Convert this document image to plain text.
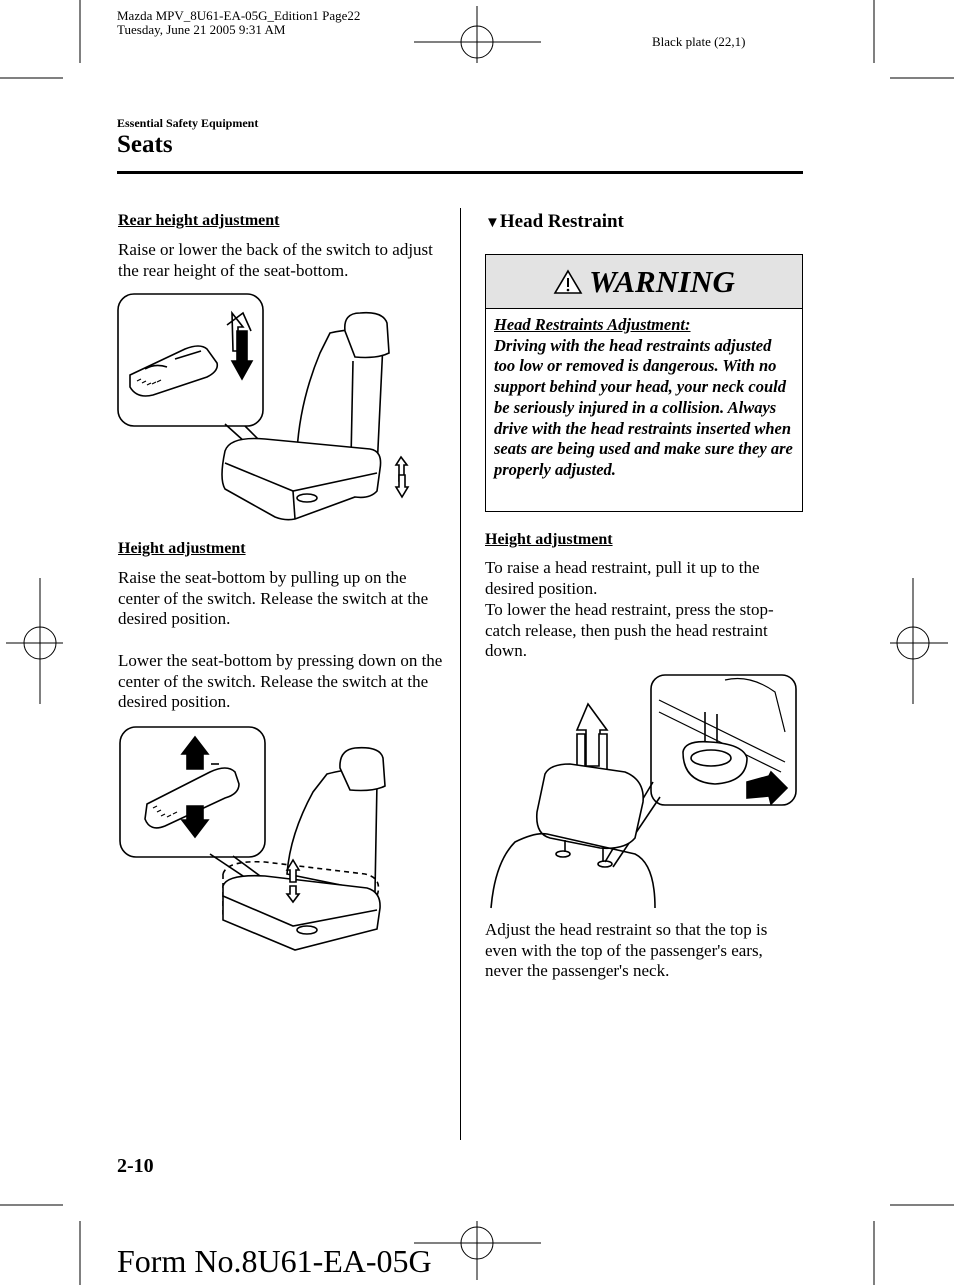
Mazda MPV_8U61-EA-05G_Edition1 Page22
Tuesday, June 21 2005 9:31 AM
Black plate (22,1)
Essential Safety Equipment
Seats
Rear height adjustment
Raise or lower the back of the switch to adjust the rear height of the seat-bottom.
Height adjustment
Raise the seat-bottom by pulling up on the center of the switch. Release the switch at the desired position.
Lower the seat-bottom by pressing down on the center of the switch. Release the switch at the desired position.
▼Head Restraint
WARNING
Head Restraints Adjustment:
Driving with the head restraints adjusted too low or removed is dangerous. With no support behind your head, your neck could be seriously injured in a collision. Always drive with the head restraints inserted when seats are being used and make sure they are properly adjusted.
Height adjustment
To raise a head restraint, pull it up to the desired position.
To lower the head restraint, press the stop-catch release, then push the head restraint down.
Adjust the head restraint so that the top is even with the top of the passenger's ears, never the passenger's neck.
2-10
Form No.8U61-EA-05G
